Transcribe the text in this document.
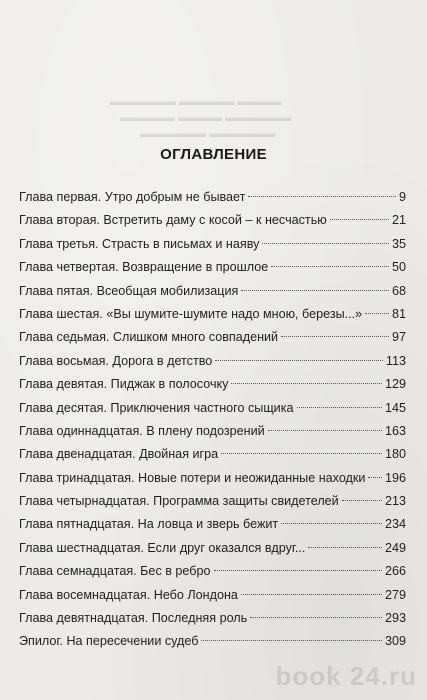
▬▬▬▬ ▬▬▬▬▬ ▬▬▬▬▬▬
▬▬▬▬▬▬ ▬▬▬▬ ▬▬▬▬▬
▬▬▬▬▬▬ ▬▬▬▬▬▬
ОГЛАВЛЕНИЕ
Глава первая. Утро добрым не бывает	9
Глава вторая. Встретить даму с косой – к несчастью	21
Глава третья. Страсть в письмах и наяву	35
Глава четвертая. Возвращение в прошлое	50
Глава пятая. Всеобщая мобилизация	68
Глава шестая. «Вы шумите-шумите надо мною, березы...» 81
Глава седьмая. Слишком много совпадений	97
Глава восьмая. Дорога в детство	113
Глава девятая. Пиджак в полосочку	129
Глава десятая. Приключения частного сыщика	145
Глава одиннадцатая. В плену подозрений	163
Глава двенадцатая. Двойная игра	180
Глава тринадцатая. Новые потери и неожиданные находки 196
Глава четырнадцатая. Программа защиты свидетелей	213
Глава пятнадцатая. На ловца и зверь бежит	234
Глава шестнадцатая. Если друг оказался вдруг...	249
Глава семнадцатая. Бес в ребро	266
Глава восемнадцатая. Небо Лондона	279
Глава девятнадцатая. Последняя роль	293
Эпилог. На пересечении судеб	309
book 24.ru
